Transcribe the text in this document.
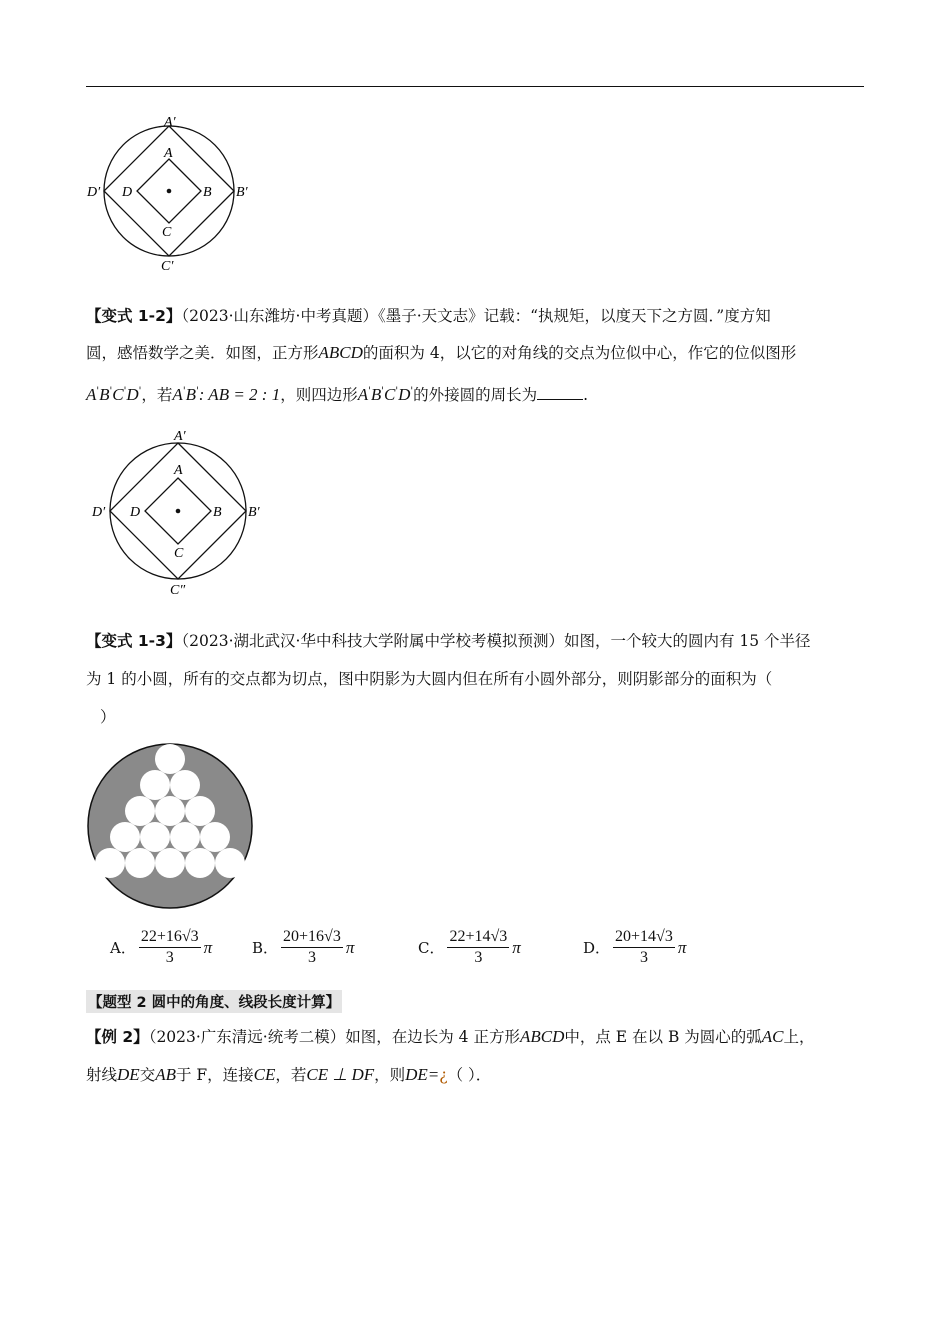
A′
A
B B′
C
C′
D
D′
【变式 1-2】（2023·山东潍坊·中考真题）《墨子·天文志》记载：“执规矩，以度天下之方圆．”度方知
圆，感悟数学之美．如图，正方形ABCD的面积为 4，以它的对角线的交点为位似中心，作它的位似图形
A'B'C'D'，若A'B': AB = 2 : 1，则四边形A'B'C'D'的外接圆的周长为	.
A′
A
B B′
C
C″
D
D′
【变式 1-3】（2023·湖北武汉·华中科技大学附属中学校考模拟预测）如图，一个较大的圆内有 15 个半径
为 1 的小圆，所有的交点都为切点，图中阴影为大圆内但在所有小圆外部分，则阴影部分的面积为（
）
A． $\frac{22+16√3}{3}$ π	B． $\frac{20+16√3}{3}$ π	C． $\frac{22+14√3}{3}$ π	D． $\frac{20+14√3}{3}$ π
【题型 2 圆中的角度、线段长度计算】
【例 2】（2023·广东清远·统考二模）如图，在边长为 4 正方形ABCD中，点 E 在以 B 为圆心的弧AC上，
射线DE交AB于 F，连接CE，若CE ⊥ DF，则DE=¿（ ）．
